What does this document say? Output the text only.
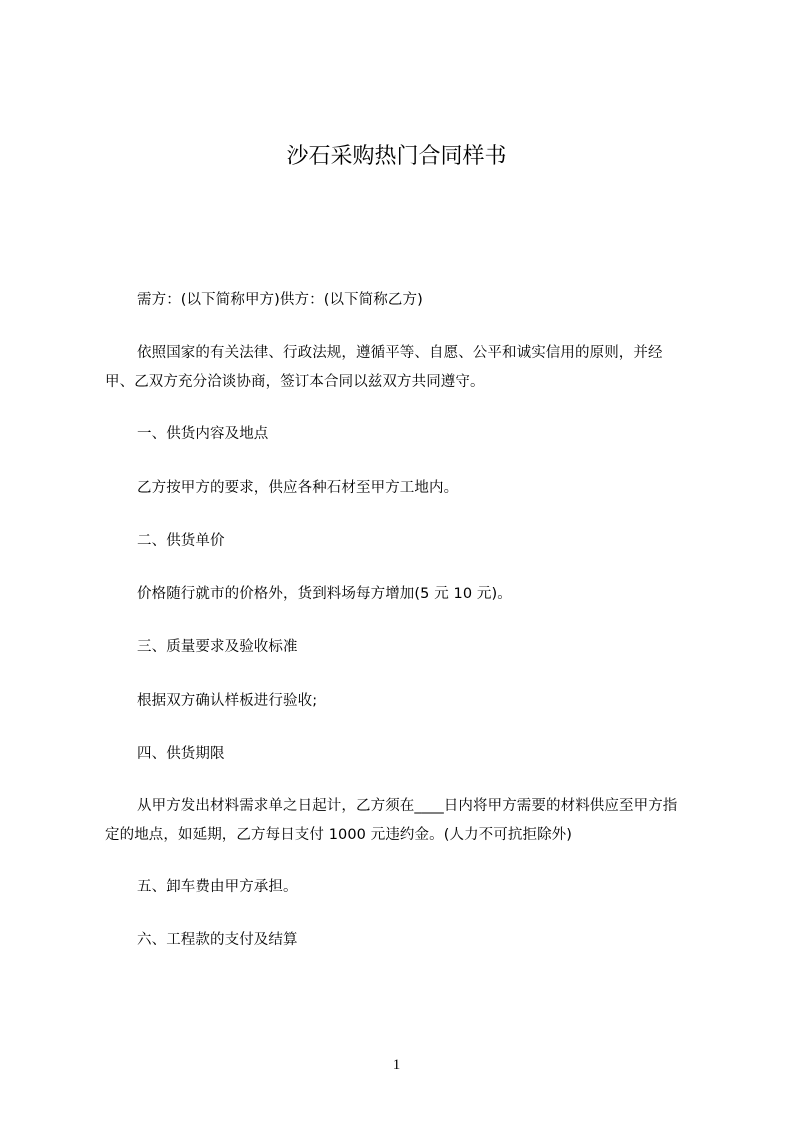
沙石采购热门合同样书

需方：(以下简称甲方)供方：(以下简称乙方)

依照国家的有关法律、行政法规，遵循平等、自愿、公平和诚实信用的原则，并经甲、乙双方充分洽谈协商，签订本合同以兹双方共同遵守。

一、供货内容及地点

乙方按甲方的要求，供应各种石材至甲方工地内。

二、供货单价

价格随行就市的价格外，货到料场每方增加(5 元 10 元)。

三、质量要求及验收标准

根据双方确认样板进行验收;

四、供货期限

从甲方发出材料需求单之日起计，乙方须在____日内将甲方需要的材料供应至甲方指定的地点，如延期，乙方每日支付 1000 元违约金。(人力不可抗拒除外)

五、卸车费由甲方承担。

六、工程款的支付及结算

1
